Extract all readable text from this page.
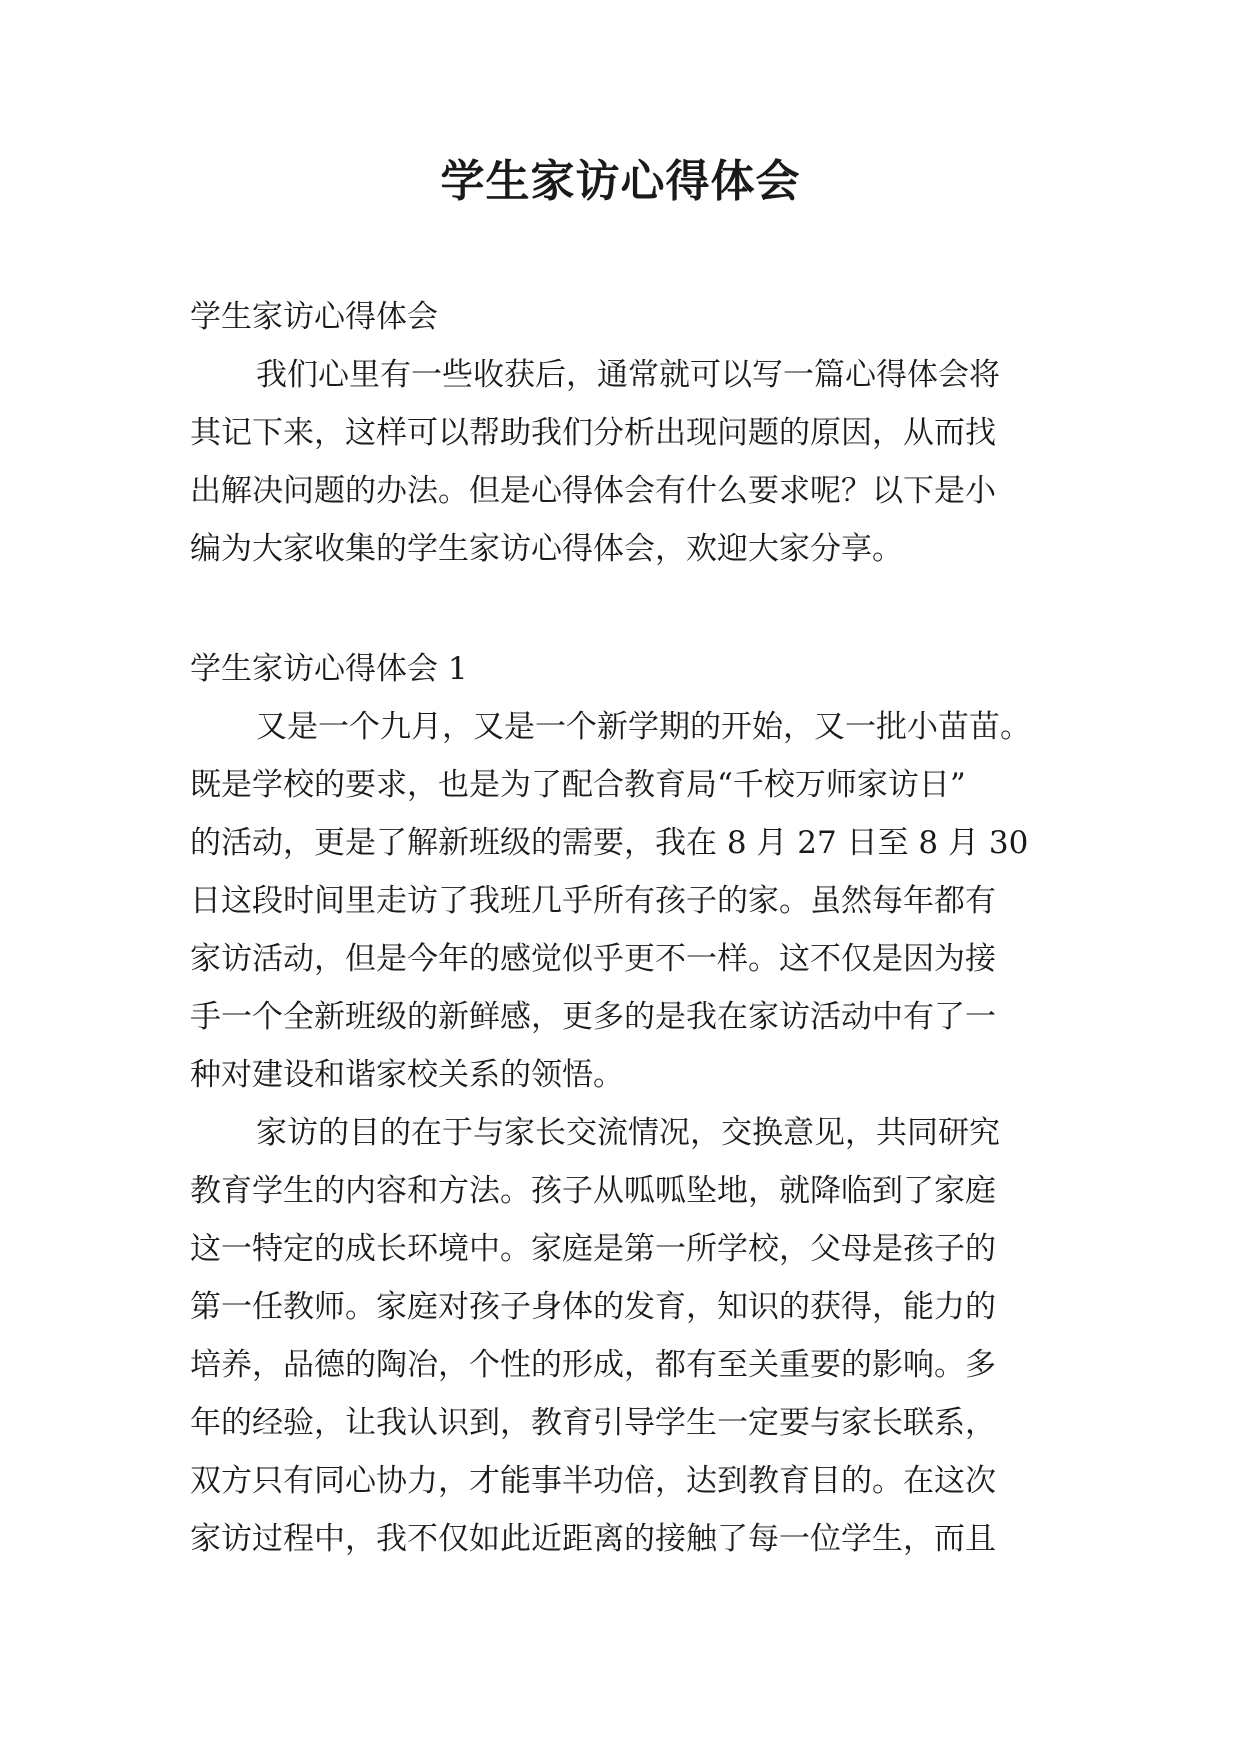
学生家访心得体会
学生家访心得体会
我们心里有一些收获后，通常就可以写一篇心得体会将
其记下来，这样可以帮助我们分析出现问题的原因，从而找
出解决问题的办法。但是心得体会有什么要求呢？以下是小
编为大家收集的学生家访心得体会，欢迎大家分享。
学生家访心得体会 1
又是一个九月，又是一个新学期的开始，又一批小苗苗。
既是学校的要求，也是为了配合教育局“千校万师家访日”
的活动，更是了解新班级的需要，我在 8 月 27 日至 8 月 30
日这段时间里走访了我班几乎所有孩子的家。虽然每年都有
家访活动，但是今年的感觉似乎更不一样。这不仅是因为接
手一个全新班级的新鲜感，更多的是我在家访活动中有了一
种对建设和谐家校关系的领悟。
家访的目的在于与家长交流情况，交换意见，共同研究
教育学生的内容和方法。孩子从呱呱坠地，就降临到了家庭
这一特定的成长环境中。家庭是第一所学校，父母是孩子的
第一任教师。家庭对孩子身体的发育，知识的获得，能力的
培养，品德的陶冶，个性的形成，都有至关重要的影响。多
年的经验，让我认识到，教育引导学生一定要与家长联系，
双方只有同心协力，才能事半功倍，达到教育目的。在这次
家访过程中，我不仅如此近距离的接触了每一位学生，而且
